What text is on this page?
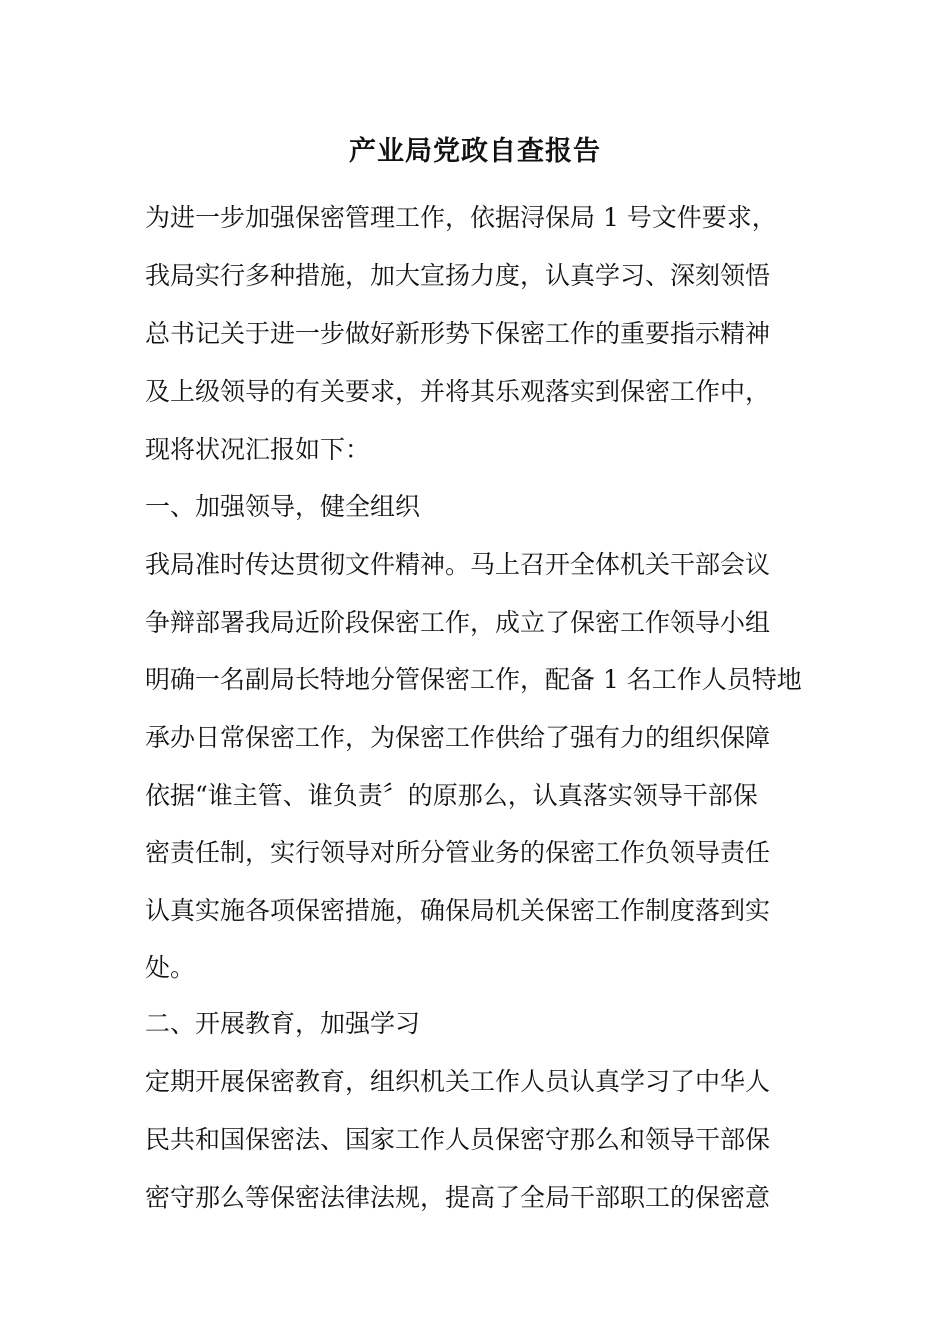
产业局党政自查报告
为进一步加强保密管理工作，依据浔保局 1 号文件要求，
我局实行多种措施，加大宣扬力度，认真学习、深刻领悟
总书记关于进一步做好新形势下保密工作的重要指示精神
及上级领导的有关要求，并将其乐观落实到保密工作中，
现将状况汇报如下：
一、加强领导，健全组织
我局准时传达贯彻文件精神。马上召开全体机关干部会议
争辩部署我局近阶段保密工作，成立了保密工作领导小组
明确一名副局长特地分管保密工作，配备 1 名工作人员特地
承办日常保密工作，为保密工作供给了强有力的组织保障
依据“谁主管、谁负责〞的原那么，认真落实领导干部保
密责任制，实行领导对所分管业务的保密工作负领导责任
认真实施各项保密措施，确保局机关保密工作制度落到实
处。
二、开展教育，加强学习
定期开展保密教育，组织机关工作人员认真学习了中华人
民共和国保密法、国家工作人员保密守那么和领导干部保
密守那么等保密法律法规，提高了全局干部职工的保密意
